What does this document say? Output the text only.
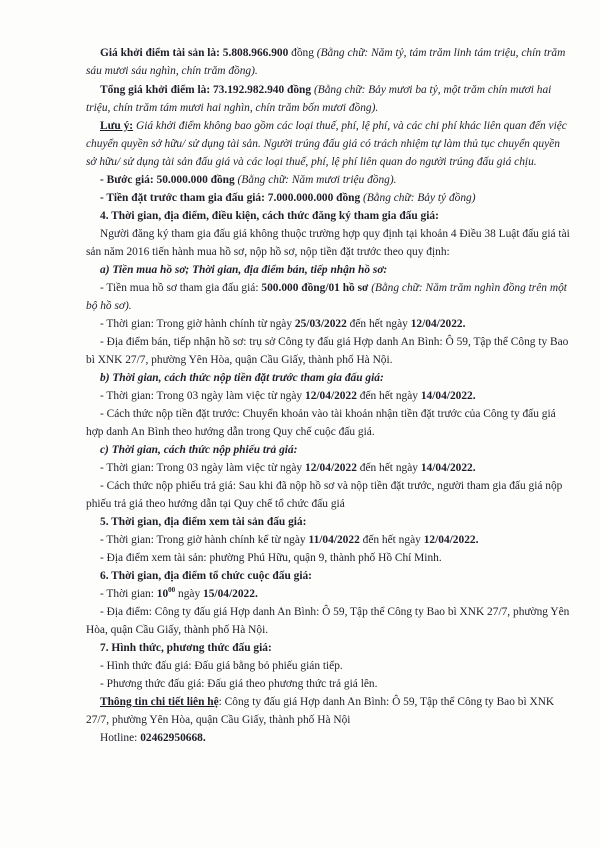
Giá khởi điểm tài sản là: 5.808.966.900 đồng (Bằng chữ: Năm tỷ, tám trăm linh tám triệu, chín trăm sáu mươi sáu nghìn, chín trăm đồng).

Tổng giá khởi điểm là: 73.192.982.940 đồng (Bằng chữ: Bảy mươi ba tỷ, một trăm chín mươi hai triệu, chín trăm tám mươi hai nghìn, chín trăm bốn mươi đồng).

Lưu ý: Giá khởi điểm không bao gồm các loại thuế, phí, lệ phí, và các chi phí khác liên quan đến việc chuyển quyền sở hữu/ sử dụng tài sản. Người trúng đấu giá có trách nhiệm tự làm thủ tục chuyển quyền sở hữu/ sử dụng tài sản đấu giá và các loại thuế, phí, lệ phí liên quan do người trúng đấu giá chịu.

- Bước giá: 50.000.000 đồng (Bằng chữ: Năm mươi triệu đồng).

- Tiền đặt trước tham gia đấu giá: 7.000.000.000 đồng (Bằng chữ: Bảy tỷ đồng)

4. Thời gian, địa điểm, điều kiện, cách thức đăng ký tham gia đấu giá:

Người đăng ký tham gia đấu giá không thuộc trường hợp quy định tại khoản 4 Điều 38 Luật đấu giá tài sản năm 2016 tiến hành mua hồ sơ, nộp hồ sơ, nộp tiền đặt trước theo quy định:

a) Tiền mua hồ sơ; Thời gian, địa điểm bán, tiếp nhận hồ sơ:

- Tiền mua hồ sơ tham gia đấu giá: 500.000 đồng/01 hồ sơ (Bằng chữ: Năm trăm nghìn đồng trên một bộ hồ sơ).

- Thời gian: Trong giờ hành chính từ ngày 25/03/2022 đến hết ngày 12/04/2022.

- Địa điểm bán, tiếp nhận hồ sơ: trụ sở Công ty đấu giá Hợp danh An Bình: Ô 59, Tập thể Công ty Bao bì XNK 27/7, phường Yên Hòa, quận Cầu Giấy, thành phố Hà Nội.

b) Thời gian, cách thức nộp tiền đặt trước tham gia đấu giá:

- Thời gian: Trong 03 ngày làm việc từ ngày 12/04/2022 đến hết ngày 14/04/2022.

- Cách thức nộp tiền đặt trước: Chuyển khoản vào tài khoản nhận tiền đặt trước của Công ty đấu giá hợp danh An Bình theo hướng dẫn trong Quy chế cuộc đấu giá.

c) Thời gian, cách thức nộp phiếu trả giá:

- Thời gian: Trong 03 ngày làm việc từ ngày 12/04/2022 đến hết ngày 14/04/2022.

- Cách thức nộp phiếu trả giá: Sau khi đã nộp hồ sơ và nộp tiền đặt trước, người tham gia đấu giá nộp phiếu trả giá theo hướng dẫn tại Quy chế tổ chức đấu giá

5. Thời gian, địa điểm xem tài sản đấu giá:

- Thời gian: Trong giờ hành chính kể từ ngày 11/04/2022 đến hết ngày 12/04/2022.

- Địa điểm xem tài sản: phường Phú Hữu, quận 9, thành phố Hồ Chí Minh.

6. Thời gian, địa điểm tổ chức cuộc đấu giá:

- Thời gian: $10^{00}$ ngày 15/04/2022.

- Địa điểm: Công ty đấu giá Hợp danh An Bình: Ô 59, Tập thể Công ty Bao bì XNK 27/7, phường Yên Hòa, quận Cầu Giấy, thành phố Hà Nội.

7. Hình thức, phương thức đấu giá:

- Hình thức đấu giá: Đấu giá bằng bỏ phiếu gián tiếp.

- Phương thức đấu giá: Đấu giá theo phương thức trả giá lên.

Thông tin chi tiết liên hệ: Công ty đấu giá Hợp danh An Bình: Ô 59, Tập thể Công ty Bao bì XNK 27/7, phường Yên Hòa, quận Cầu Giấy, thành phố Hà Nội

Hotline: 02462950668.
